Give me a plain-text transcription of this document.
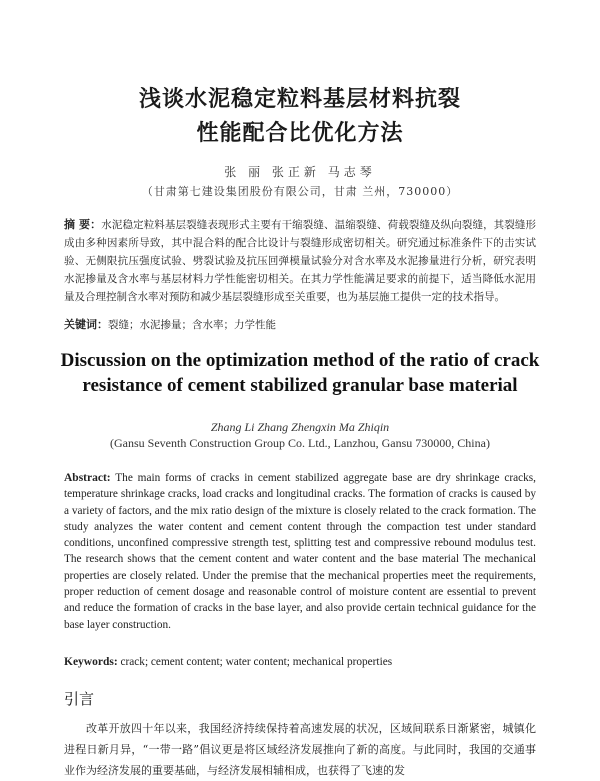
浅谈水泥稳定粒料基层材料抗裂
性能配合比优化方法
张 丽 张正新 马志琴
（甘肃第七建设集团股份有限公司，甘肃 兰州，730000）
摘 要：水泥稳定粒料基层裂缝表现形式主要有干缩裂缝、温缩裂缝、荷载裂缝及纵向裂缝，其裂缝形成由多种因素所导致，其中混合料的配合比设计与裂缝形成密切相关。研究通过标准条件下的击实试验、无侧限抗压强度试验、劈裂试验及抗压回弹模量试验分对含水率及水泥掺量进行分析，研究表明水泥掺量及含水率与基层材料力学性能密切相关。在其力学性能满足要求的前提下，适当降低水泥用量及合理控制含水率对预防和减少基层裂缝形成至关重要，也为基层施工提供一定的技术指导。
关键词：裂缝；水泥掺量；含水率；力学性能
Discussion on the optimization method of the ratio of crack
resistance of cement stabilized granular base material
Zhang Li Zhang Zhengxin Ma Zhiqin
(Gansu Seventh Construction Group Co. Ltd., Lanzhou, Gansu 730000, China)
Abstract: The main forms of cracks in cement stabilized aggregate base are dry shrinkage cracks, temperature shrinkage cracks, load cracks and longitudinal cracks. The formation of cracks is caused by a variety of factors, and the mix ratio design of the mixture is closely related to the crack formation. The study analyzes the water content and cement content through the compaction test under standard conditions, unconfined compressive strength test, splitting test and compressive rebound modulus test. The research shows that the cement content and water content and the base material The mechanical properties are closely related. Under the premise that the mechanical properties meet the requirements, proper reduction of cement dosage and reasonable control of moisture content are essential to prevent and reduce the formation of cracks in the base layer, and also provide certain technical guidance for the base layer construction.
Keywords: crack; cement content; water content; mechanical properties
引言
改革开放四十年以来，我国经济持续保持着高速发展的状况，区域间联系日渐紧密，城镇化进程日新月异，“一带一路”倡议更是将区域经济发展推向了新的高度。与此同时，我国的交通事业作为经济发展的重要基础，与经济发展相辅相成，也获得了飞速的发
